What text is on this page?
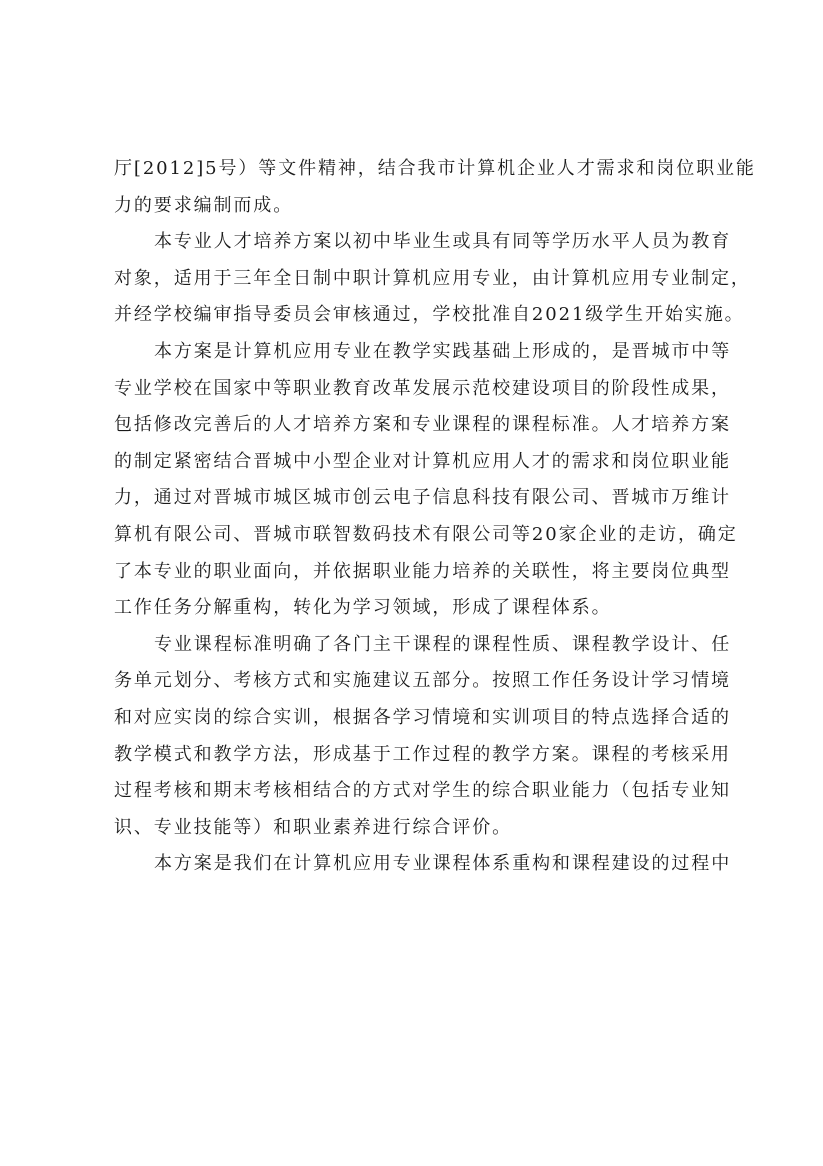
厅[2012]5号）等文件精神，结合我市计算机企业人才需求和岗位职业能
力的要求编制而成。
本专业人才培养方案以初中毕业生或具有同等学历水平人员为教育
对象，适用于三年全日制中职计算机应用专业，由计算机应用专业制定，
并经学校编审指导委员会审核通过，学校批准自2021级学生开始实施。
本方案是计算机应用专业在教学实践基础上形成的，是晋城市中等
专业学校在国家中等职业教育改革发展示范校建设项目的阶段性成果，
包括修改完善后的人才培养方案和专业课程的课程标准。人才培养方案
的制定紧密结合晋城中小型企业对计算机应用人才的需求和岗位职业能
力，通过对晋城市城区城市创云电子信息科技有限公司、晋城市万维计
算机有限公司、晋城市联智数码技术有限公司等20家企业的走访，确定
了本专业的职业面向，并依据职业能力培养的关联性，将主要岗位典型
工作任务分解重构，转化为学习领域，形成了课程体系。
专业课程标准明确了各门主干课程的课程性质、课程教学设计、任
务单元划分、考核方式和实施建议五部分。按照工作任务设计学习情境
和对应实岗的综合实训，根据各学习情境和实训项目的特点选择合适的
教学模式和教学方法，形成基于工作过程的教学方案。课程的考核采用
过程考核和期末考核相结合的方式对学生的综合职业能力（包括专业知
识、专业技能等）和职业素养进行综合评价。
本方案是我们在计算机应用专业课程体系重构和课程建设的过程中
